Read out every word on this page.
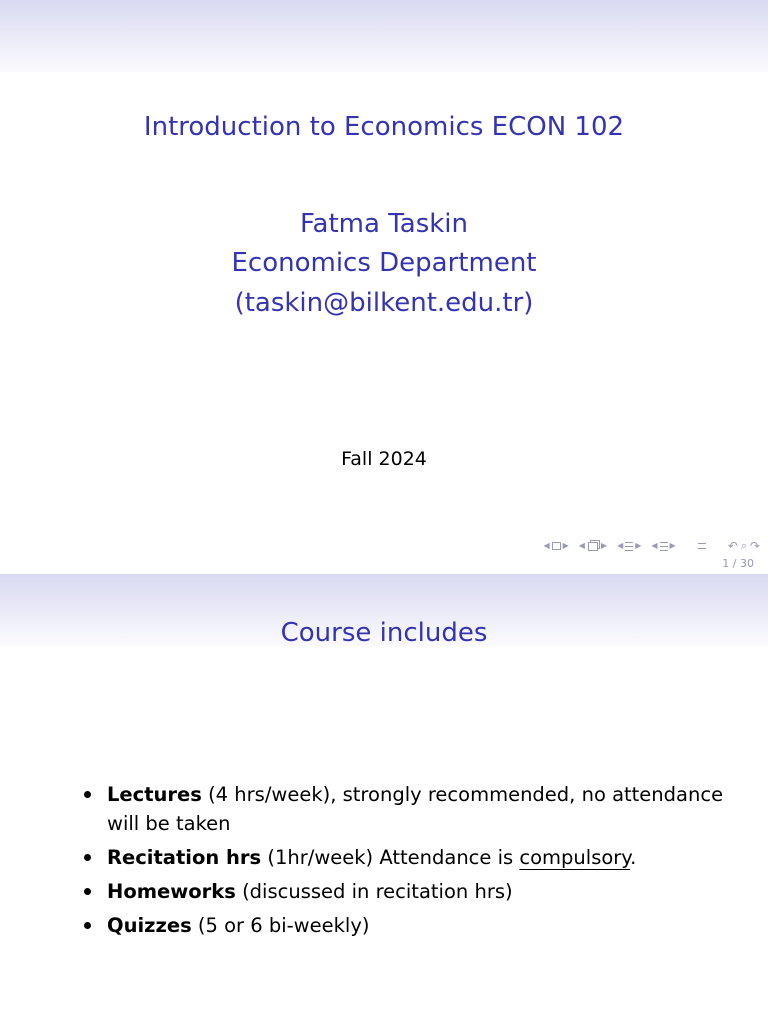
Introduction to Economics ECON 102
Fatma Taskin
Economics Department
(taskin@bilkent.edu.tr)
Fall 2024
◀ ▶ ◀ ▶ ◀ ▶ ◀ ▶	↶ ⌕ ↷
1 / 30
Course includes
Lectures (4 hrs/week), strongly recommended, no attendance will be taken
Recitation hrs (1hr/week) Attendance is compulsory.
Homeworks (discussed in recitation hrs)
Quizzes (5 or 6 bi-weekly)
